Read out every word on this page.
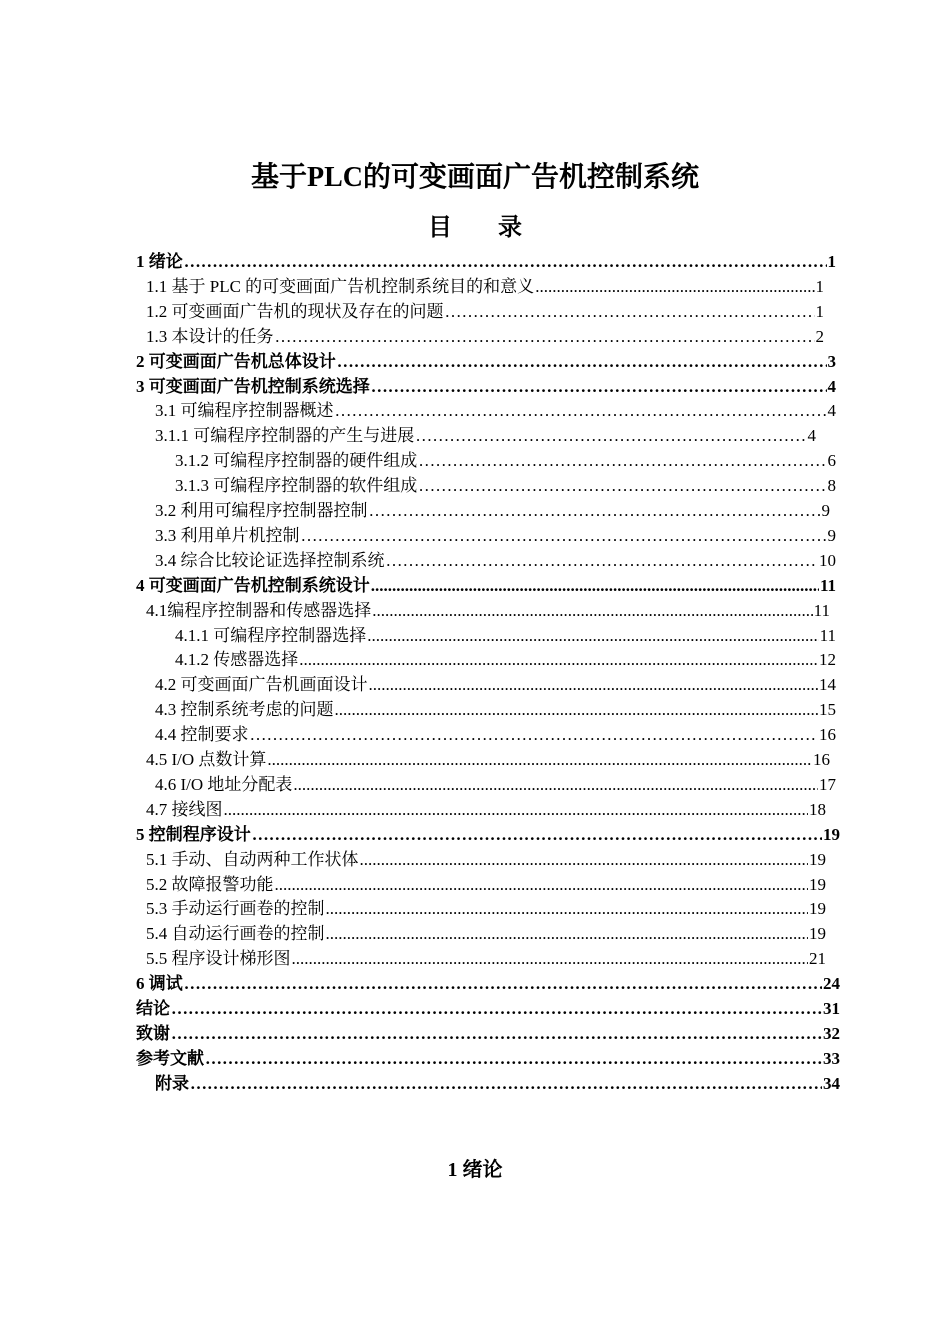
基于PLC的可变画面广告机控制系统
目 录
1 绪论 ………………………………………………………………………………………………………………………………………………………………………………………………	1
1.1 基于 PLC 的可变画面广告机控制系统目的和意义 .....	1
1.2 可变画面广告机的现状及存在的问题 ………………………………………………………………………………………………………………………………………………………………………………………………	1
1.3 本设计的任务 ………………………………………………………………………………………………………………………………………………………………………………………………	2
2 可变画面广告机总体设计 ………………………………………………………………………………………………………………………………………………………………………………………………	3
3 可变画面广告机控制系统选择 ………………………………………………………………………………………………………………………………………………………………………………………………	4
3.1 可编程序控制器概述 ………………………………………………………………………………………………………………………………………………………………………………………………	4
3.1.1 可编程序控制器的产生与进展 ………………………………………………………………………………………………………………………………………………………………………………………………	4
3.1.2 可编程序控制器的硬件组成 ………………………………………………………………………………………………………………………………………………………………………………………………	6
3.1.3 可编程序控制器的软件组成 ………………………………………………………………………………………………………………………………………………………………………………………………	8
3.2 利用可编程序控制器控制 ………………………………………………………………………………………………………………………………………………………………………………………………	9
3.3 利用单片机控制 ………………………………………………………………………………………………………………………………………………………………………………………………	9
3.4 综合比较论证选择控制系统 ………………………………………………………………………………………………………………………………………………………………………………………………	10
4 可变画面广告机控制系统设计 .....	11
4.1编程序控制器和传感器选择 .....	11
4.1.1 可编程序控制器选择 .....	11
4.1.2 传感器选择 .....	12
4.2 可变画面广告机画面设计 .....	14
4.3 控制系统考虑的问题 .....	15
4.4 控制要求 ………………………………………………………………………………………………………………………………………………………………………………………………	16
4.5 I/O 点数计算 .....	16
4.6 I/O 地址分配表 .....	17
4.7 接线图 .....	18
5 控制程序设计 ………………………………………………………………………………………………………………………………………………………………………………………………	19
5.1 手动、自动两种工作状体 .....	19
5.2 故障报警功能 .....	19
5.3 手动运行画卷的控制 .....	19
5.4 自动运行画卷的控制 .....	19
5.5 程序设计梯形图 .....	21
6 调试 ………………………………………………………………………………………………………………………………………………………………………………………………	24
结论 ………………………………………………………………………………………………………………………………………………………………………………………………	31
致谢 ………………………………………………………………………………………………………………………………………………………………………………………………	32
参考文献 ………………………………………………………………………………………………………………………………………………………………………………………………	33
附录 ………………………………………………………………………………………………………………………………………………………………………………………………	34
1 绪论
